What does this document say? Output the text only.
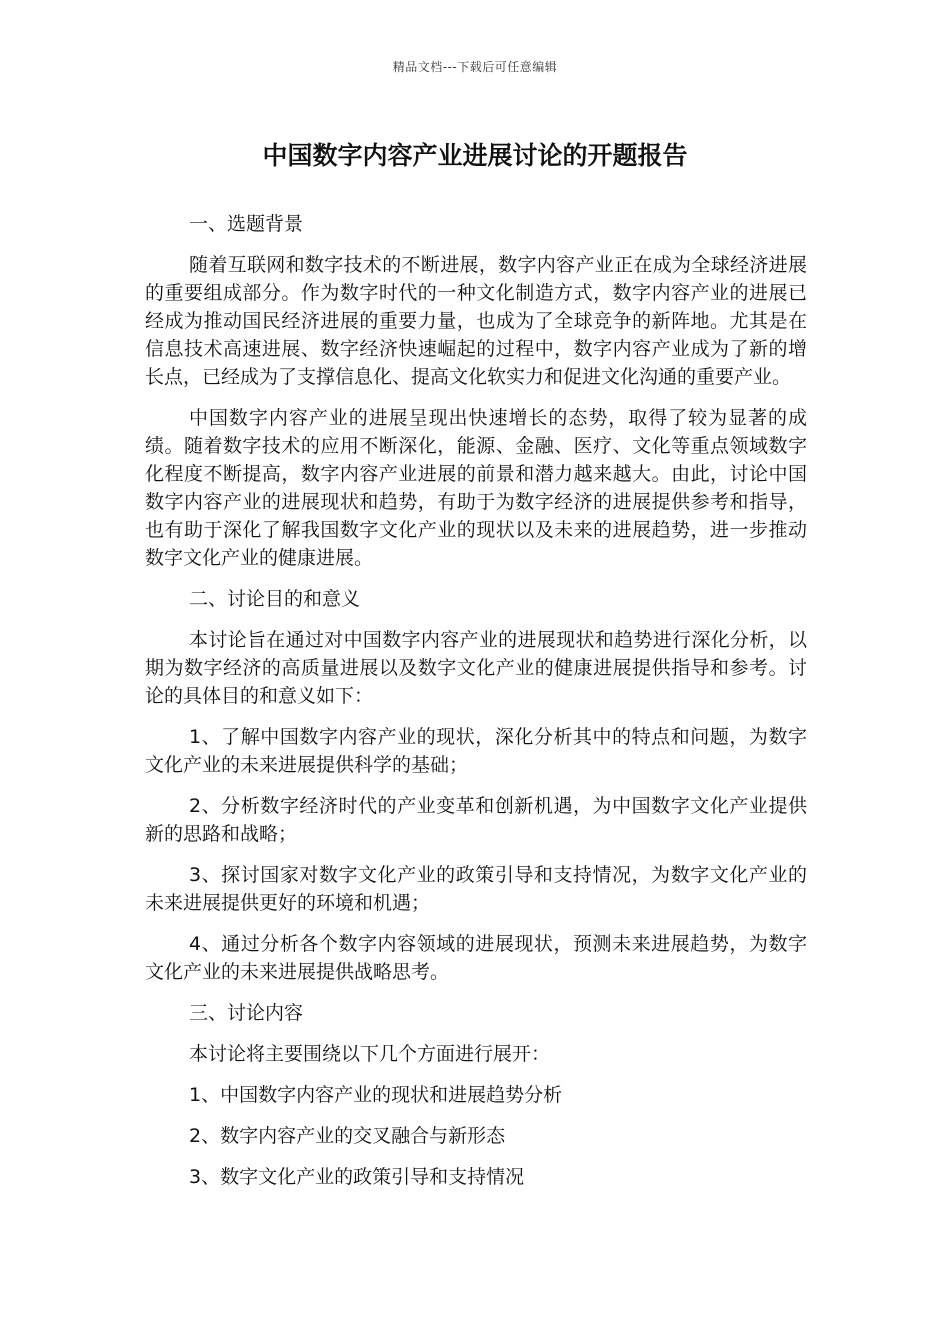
精品文档---下载后可任意编辑
中国数字内容产业进展讨论的开题报告

一、选题背景

随着互联网和数字技术的不断进展，数字内容产业正在成为全球经济进展的重要组成部分。作为数字时代的一种文化制造方式，数字内容产业的进展已经成为推动国民经济进展的重要力量，也成为了全球竞争的新阵地。尤其是在信息技术高速进展、数字经济快速崛起的过程中，数字内容产业成为了新的增长点，已经成为了支撑信息化、提高文化软实力和促进文化沟通的重要产业。

中国数字内容产业的进展呈现出快速增长的态势，取得了较为显著的成绩。随着数字技术的应用不断深化，能源、金融、医疗、文化等重点领域数字化程度不断提高，数字内容产业进展的前景和潜力越来越大。由此，讨论中国数字内容产业的进展现状和趋势，有助于为数字经济的进展提供参考和指导，也有助于深化了解我国数字文化产业的现状以及未来的进展趋势，进一步推动数字文化产业的健康进展。

二、讨论目的和意义

本讨论旨在通过对中国数字内容产业的进展现状和趋势进行深化分析，以期为数字经济的高质量进展以及数字文化产业的健康进展提供指导和参考。讨论的具体目的和意义如下：

1、了解中国数字内容产业的现状，深化分析其中的特点和问题，为数字文化产业的未来进展提供科学的基础；

2、分析数字经济时代的产业变革和创新机遇，为中国数字文化产业提供新的思路和战略；

3、探讨国家对数字文化产业的政策引导和支持情况，为数字文化产业的未来进展提供更好的环境和机遇；

4、通过分析各个数字内容领域的进展现状，预测未来进展趋势，为数字文化产业的未来进展提供战略思考。

三、讨论内容

本讨论将主要围绕以下几个方面进行展开：

1、中国数字内容产业的现状和进展趋势分析

2、数字内容产业的交叉融合与新形态

3、数字文化产业的政策引导和支持情况
